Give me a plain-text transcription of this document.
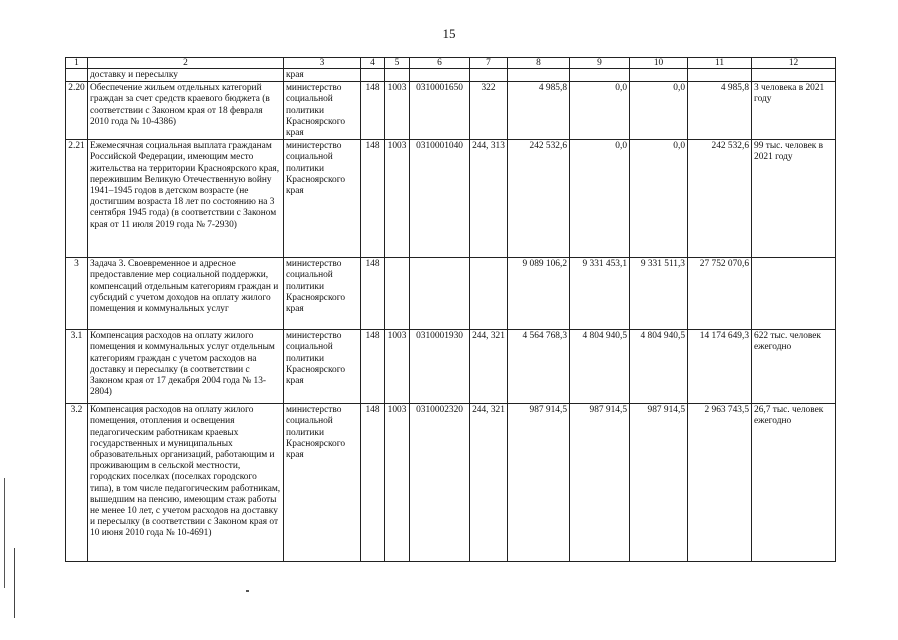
15
1	2	3	4	5	6	7	8	9	10	11	12
	доставку и пересылку	края									
2.20	Обеспечение жильем отдельных категорий граждан за счет средств краевого бюджета (в соответствии с Законом края от 18 февраля 2010 года № 10-4386)	министерство социальной политики Красноярского края	148	1003	0310001650	322	4 985,8	0,0	0,0	4 985,8	3 человека в 2021 году
2.21	Ежемесячная социальная выплата гражданам Российской Федерации, имеющим место жительства на территории Красноярского края, пережившим Великую Отечественную войну 1941–1945 годов в детском возрасте (не достигшим возраста 18 лет по состоянию на 3 сентября 1945 года) (в соответствии с Законом края от 11 июля 2019 года № 7-2930)	министерство социальной политики Красноярского края	148	1003	0310001040	244, 313	242 532,6	0,0	0,0	242 532,6	99 тыс. человек в 2021 году
3	Задача 3. Своевременное и адресное предоставление мер социальной поддержки, компенсаций отдельным категориям граждан и субсидий с учетом доходов на оплату жилого помещения и коммунальных услуг	министерство социальной политики Красноярского края	148				9 089 106,2	9 331 453,1	9 331 511,3	27 752 070,6	
3.1	Компенсация расходов на оплату жилого помещения и коммунальных услуг отдельным категориям граждан с учетом расходов на доставку и пересылку (в соответствии с Законом края от 17 декабря 2004 года № 13-2804)	министерство социальной политики Красноярского края	148	1003	0310001930	244, 321	4 564 768,3	4 804 940,5	4 804 940,5	14 174 649,3	622 тыс. человек ежегодно
3.2	Компенсация расходов на оплату жилого помещения, отопления и освещения педагогическим работникам краевых государственных и муниципальных образовательных организаций, работающим и проживающим в сельской местности, городских поселках (поселках городского типа), в том числе педагогическим работникам, вышедшим на пенсию, имеющим стаж работы не менее 10 лет, с учетом расходов на доставку и пересылку (в соответствии с Законом края от 10 июня 2010 года № 10-4691)	министерство социальной политики Красноярского края	148	1003	0310002320	244, 321	987 914,5	987 914,5	987 914,5	2 963 743,5	26,7 тыс. человек ежегодно
